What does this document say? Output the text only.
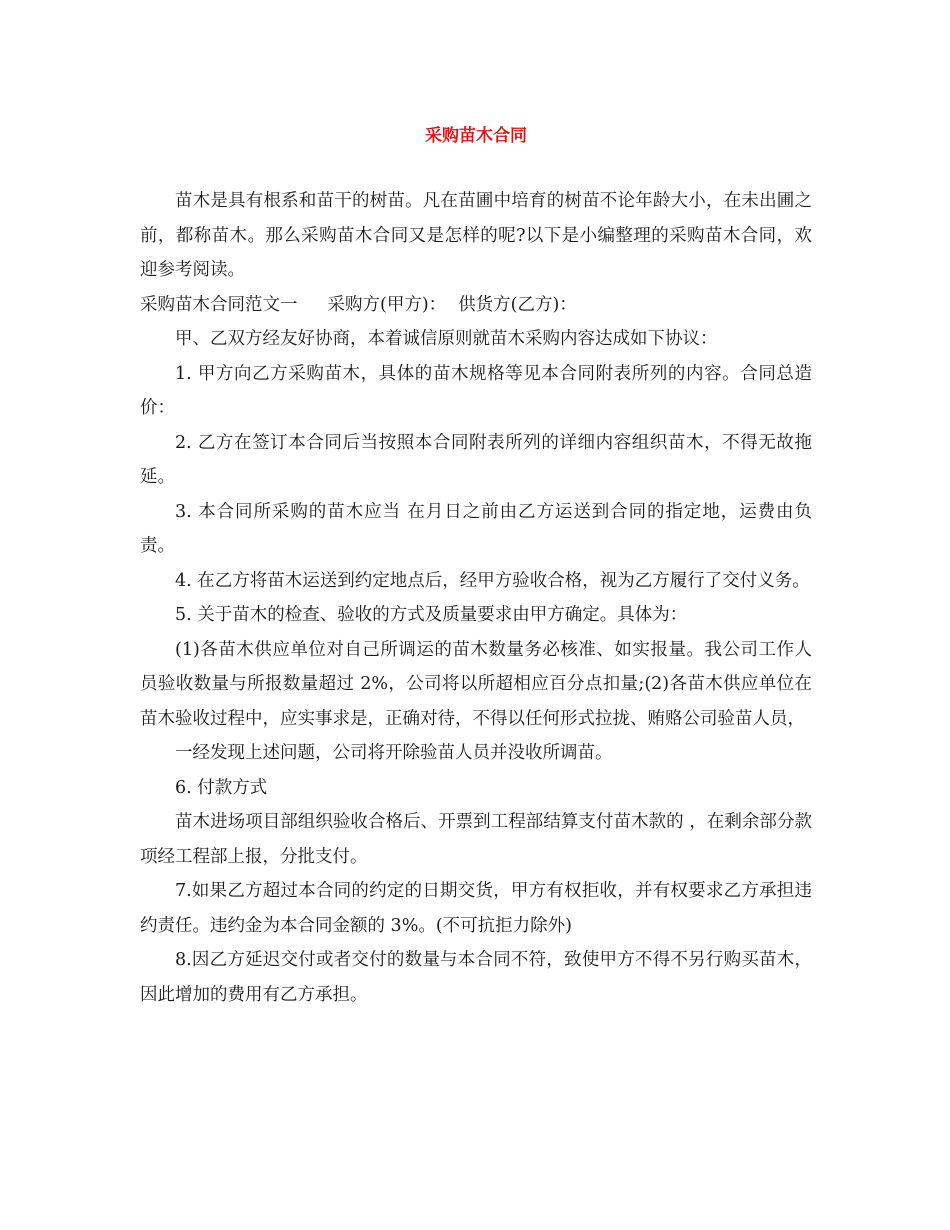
采购苗木合同

苗木是具有根系和苗干的树苗。凡在苗圃中培育的树苗不论年龄大小，在未出圃之前，都称苗木。那么采购苗木合同又是怎样的呢?以下是小编整理的采购苗木合同，欢迎参考阅读。

采购苗木合同范文一 采购方(甲方)： 供货方(乙方)：

甲、乙双方经友好协商，本着诚信原则就苗木采购内容达成如下协议：

1. 甲方向乙方采购苗木，具体的苗木规格等见本合同附表所列的内容。合同总造价：

2. 乙方在签订本合同后当按照本合同附表所列的详细内容组织苗木，不得无故拖延。

3. 本合同所采购的苗木应当 在月日之前由乙方运送到合同的指定地，运费由负责。

4. 在乙方将苗木运送到约定地点后，经甲方验收合格，视为乙方履行了交付义务。

5. 关于苗木的检查、验收的方式及质量要求由甲方确定。具体为：

(1)各苗木供应单位对自己所调运的苗木数量务必核准、如实报量。我公司工作人员验收数量与所报数量超过 2%，公司将以所超相应百分点扣量;(2)各苗木供应单位在苗木验收过程中，应实事求是，正确对待，不得以任何形式拉拢、贿赂公司验苗人员，

一经发现上述问题，公司将开除验苗人员并没收所调苗。

6. 付款方式

苗木进场项目部组织验收合格后、开票到工程部结算支付苗木款的 ，在剩余部分款项经工程部上报，分批支付。

7.如果乙方超过本合同的约定的日期交货，甲方有权拒收，并有权要求乙方承担违约责任。违约金为本合同金额的 3%。(不可抗拒力除外)

8.因乙方延迟交付或者交付的数量与本合同不符，致使甲方不得不另行购买苗木，因此增加的费用有乙方承担。
